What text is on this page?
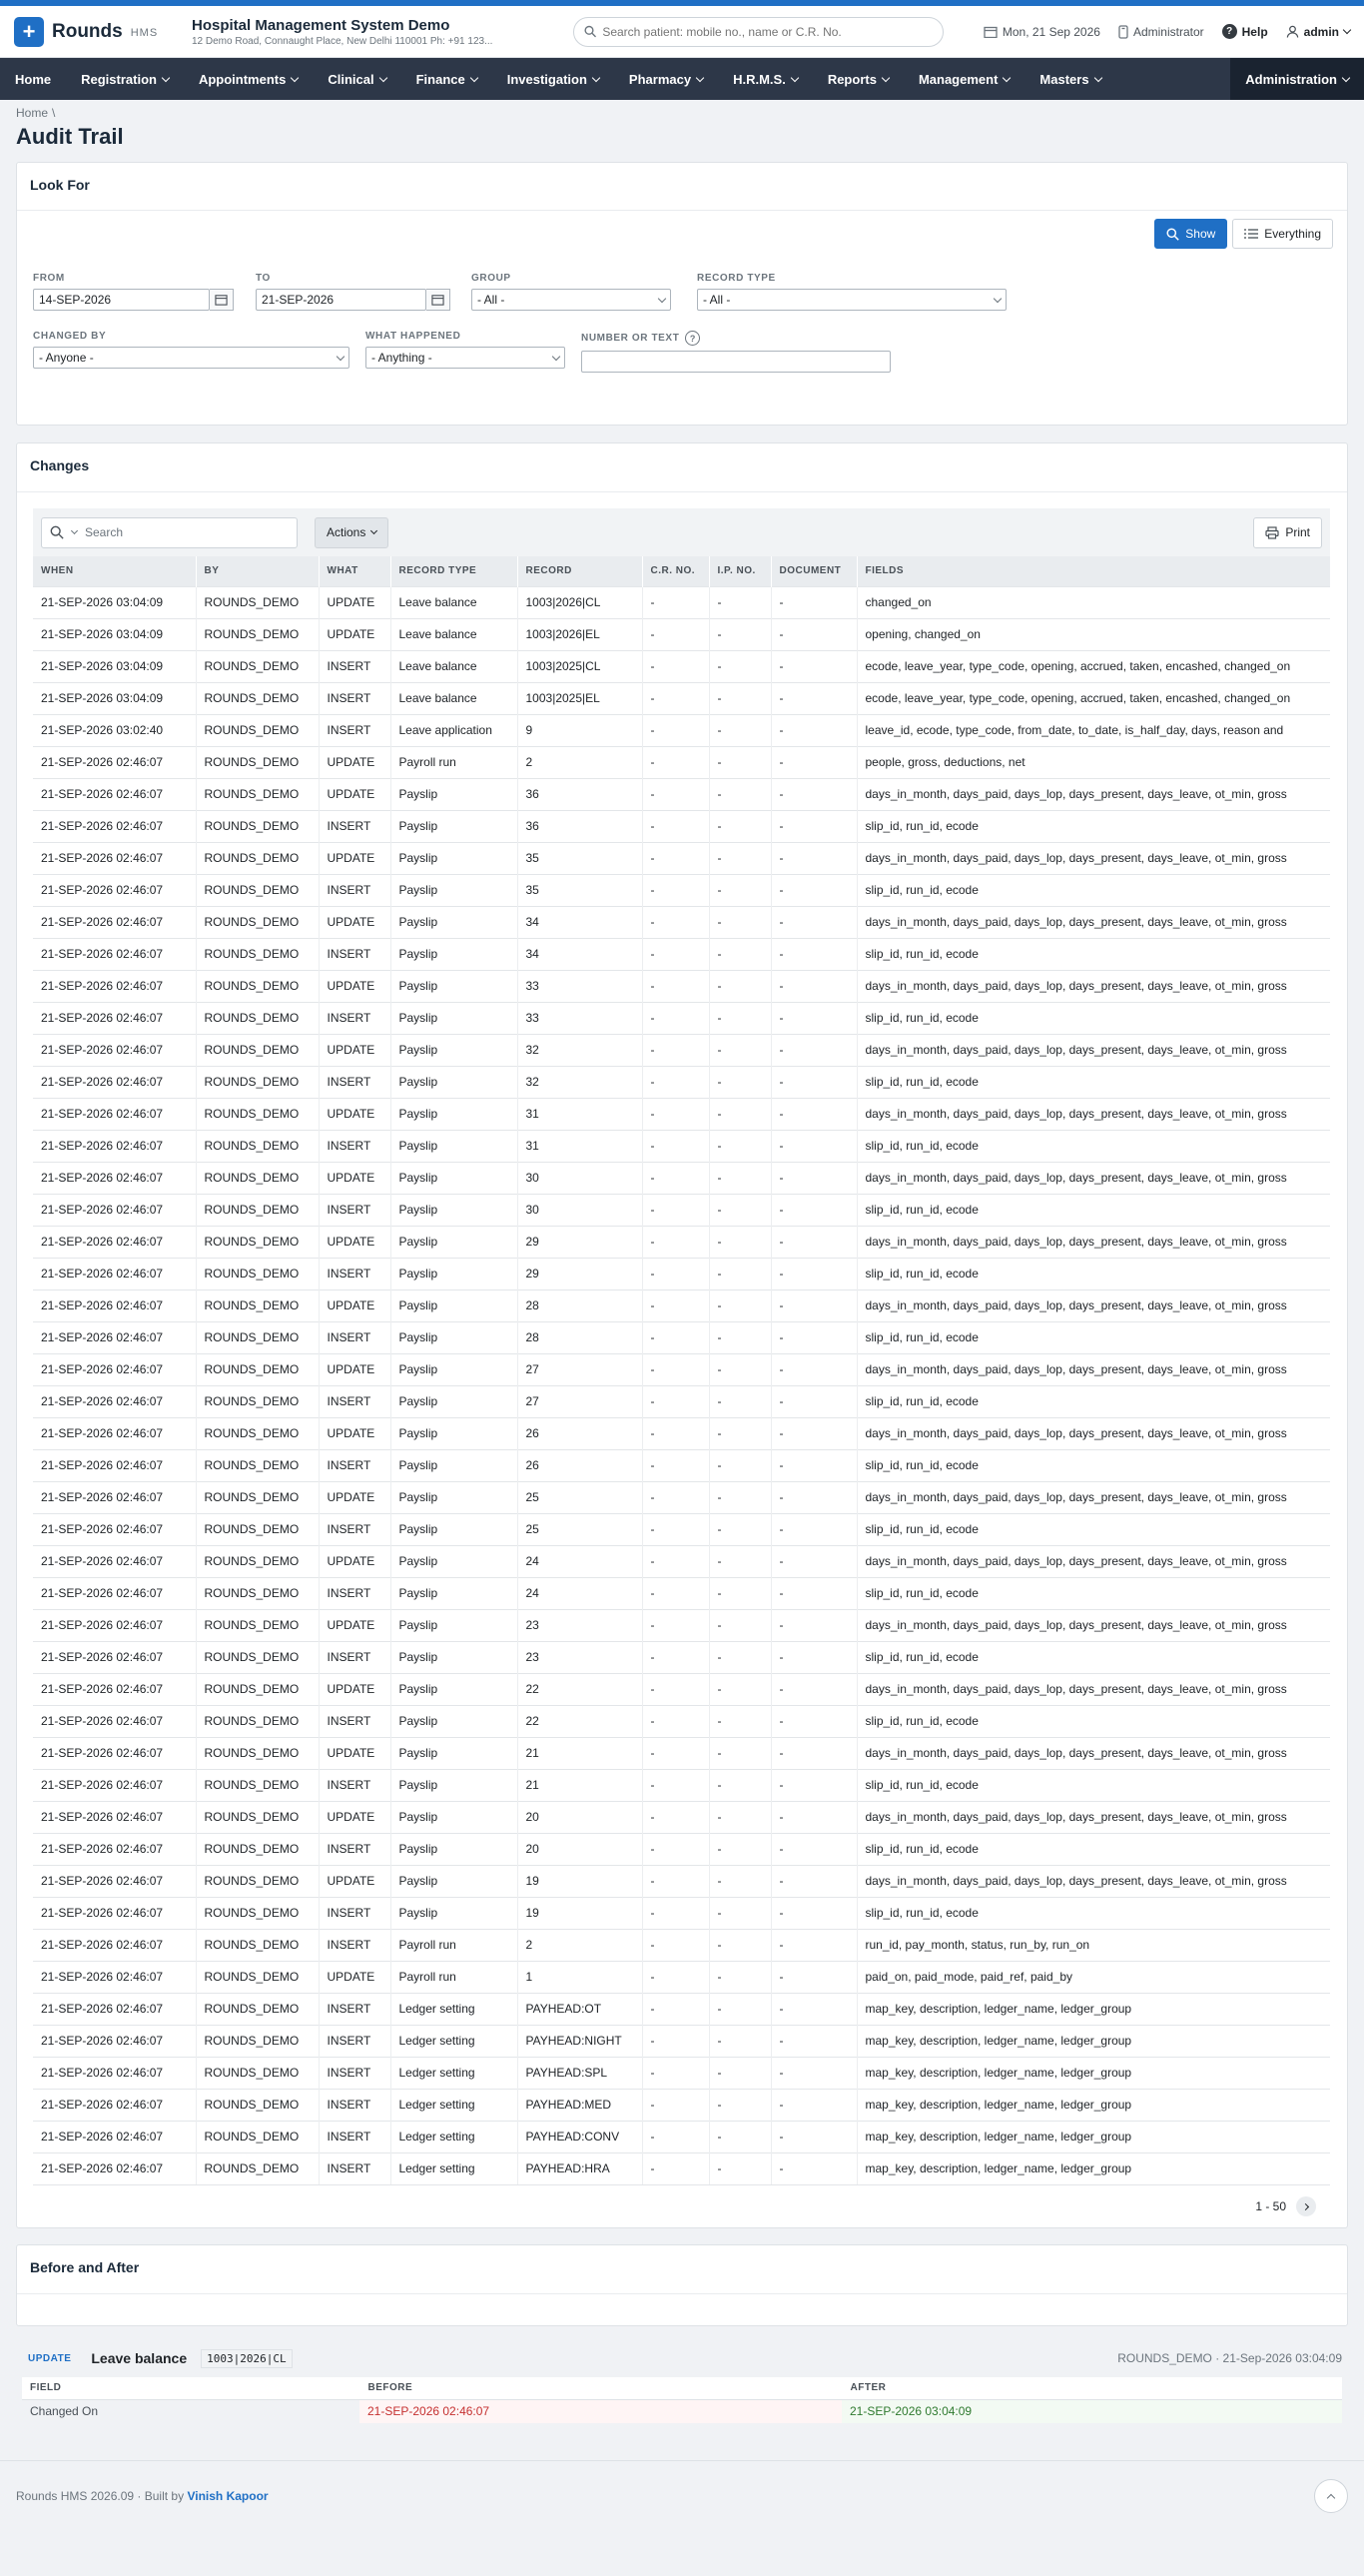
+ Rounds HMS Hospital Management System Demo
12 Demo Road, Connaught Place, New Delhi 110001 Ph: +91 123...
Search patient: mobile no., name or C.R. No.
Mon, 21 Sep 2026	Administrator	? Help	admin
Home Registration	Appointments	Clinical	Finance	Investigation	Pharmacy	H.R.M.S.	Reports	Management	Masters	Administration
Home \
Audit Trail
Look For
Show	Everything
FROM
14-SEP-2026
TO
21-SEP-2026
GROUP
- All -
RECORD TYPE
- All -
CHANGED BY
- Anyone -
WHAT HAPPENED
- Anything -
NUMBER OR TEXT	?
Changes
Search	Actions	Print
WHEN	BY	WHAT	RECORD TYPE	RECORD	C.R. NO.	I.P. NO.	DOCUMENT	FIELDS
21-SEP-2026 03:04:09	ROUNDS_DEMO	UPDATE	Leave balance	1003|2026|CL	-	-	-	changed_on
21-SEP-2026 03:04:09	ROUNDS_DEMO	UPDATE	Leave balance	1003|2026|EL	-	-	-	opening, changed_on
21-SEP-2026 03:04:09	ROUNDS_DEMO	INSERT	Leave balance	1003|2025|CL	-	-	-	ecode, leave_year, type_code, opening, accrued, taken, encashed, changed_on
21-SEP-2026 03:04:09	ROUNDS_DEMO	INSERT	Leave balance	1003|2025|EL	-	-	-	ecode, leave_year, type_code, opening, accrued, taken, encashed, changed_on
21-SEP-2026 03:02:40	ROUNDS_DEMO	INSERT	Leave application	9	-	-	-	leave_id, ecode, type_code, from_date, to_date, is_half_day, days, reason and
21-SEP-2026 02:46:07	ROUNDS_DEMO	UPDATE	Payroll run	2	-	-	-	people, gross, deductions, net
21-SEP-2026 02:46:07	ROUNDS_DEMO	UPDATE	Payslip	36	-	-	-	days_in_month, days_paid, days_lop, days_present, days_leave, ot_min, gross
21-SEP-2026 02:46:07	ROUNDS_DEMO	INSERT	Payslip	36	-	-	-	slip_id, run_id, ecode
21-SEP-2026 02:46:07	ROUNDS_DEMO	UPDATE	Payslip	35	-	-	-	days_in_month, days_paid, days_lop, days_present, days_leave, ot_min, gross
21-SEP-2026 02:46:07	ROUNDS_DEMO	INSERT	Payslip	35	-	-	-	slip_id, run_id, ecode
21-SEP-2026 02:46:07	ROUNDS_DEMO	UPDATE	Payslip	34	-	-	-	days_in_month, days_paid, days_lop, days_present, days_leave, ot_min, gross
21-SEP-2026 02:46:07	ROUNDS_DEMO	INSERT	Payslip	34	-	-	-	slip_id, run_id, ecode
21-SEP-2026 02:46:07	ROUNDS_DEMO	UPDATE	Payslip	33	-	-	-	days_in_month, days_paid, days_lop, days_present, days_leave, ot_min, gross
21-SEP-2026 02:46:07	ROUNDS_DEMO	INSERT	Payslip	33	-	-	-	slip_id, run_id, ecode
21-SEP-2026 02:46:07	ROUNDS_DEMO	UPDATE	Payslip	32	-	-	-	days_in_month, days_paid, days_lop, days_present, days_leave, ot_min, gross
21-SEP-2026 02:46:07	ROUNDS_DEMO	INSERT	Payslip	32	-	-	-	slip_id, run_id, ecode
21-SEP-2026 02:46:07	ROUNDS_DEMO	UPDATE	Payslip	31	-	-	-	days_in_month, days_paid, days_lop, days_present, days_leave, ot_min, gross
21-SEP-2026 02:46:07	ROUNDS_DEMO	INSERT	Payslip	31	-	-	-	slip_id, run_id, ecode
21-SEP-2026 02:46:07	ROUNDS_DEMO	UPDATE	Payslip	30	-	-	-	days_in_month, days_paid, days_lop, days_present, days_leave, ot_min, gross
21-SEP-2026 02:46:07	ROUNDS_DEMO	INSERT	Payslip	30	-	-	-	slip_id, run_id, ecode
21-SEP-2026 02:46:07	ROUNDS_DEMO	UPDATE	Payslip	29	-	-	-	days_in_month, days_paid, days_lop, days_present, days_leave, ot_min, gross
21-SEP-2026 02:46:07	ROUNDS_DEMO	INSERT	Payslip	29	-	-	-	slip_id, run_id, ecode
21-SEP-2026 02:46:07	ROUNDS_DEMO	UPDATE	Payslip	28	-	-	-	days_in_month, days_paid, days_lop, days_present, days_leave, ot_min, gross
21-SEP-2026 02:46:07	ROUNDS_DEMO	INSERT	Payslip	28	-	-	-	slip_id, run_id, ecode
21-SEP-2026 02:46:07	ROUNDS_DEMO	UPDATE	Payslip	27	-	-	-	days_in_month, days_paid, days_lop, days_present, days_leave, ot_min, gross
21-SEP-2026 02:46:07	ROUNDS_DEMO	INSERT	Payslip	27	-	-	-	slip_id, run_id, ecode
21-SEP-2026 02:46:07	ROUNDS_DEMO	UPDATE	Payslip	26	-	-	-	days_in_month, days_paid, days_lop, days_present, days_leave, ot_min, gross
21-SEP-2026 02:46:07	ROUNDS_DEMO	INSERT	Payslip	26	-	-	-	slip_id, run_id, ecode
21-SEP-2026 02:46:07	ROUNDS_DEMO	UPDATE	Payslip	25	-	-	-	days_in_month, days_paid, days_lop, days_present, days_leave, ot_min, gross
21-SEP-2026 02:46:07	ROUNDS_DEMO	INSERT	Payslip	25	-	-	-	slip_id, run_id, ecode
21-SEP-2026 02:46:07	ROUNDS_DEMO	UPDATE	Payslip	24	-	-	-	days_in_month, days_paid, days_lop, days_present, days_leave, ot_min, gross
21-SEP-2026 02:46:07	ROUNDS_DEMO	INSERT	Payslip	24	-	-	-	slip_id, run_id, ecode
21-SEP-2026 02:46:07	ROUNDS_DEMO	UPDATE	Payslip	23	-	-	-	days_in_month, days_paid, days_lop, days_present, days_leave, ot_min, gross
21-SEP-2026 02:46:07	ROUNDS_DEMO	INSERT	Payslip	23	-	-	-	slip_id, run_id, ecode
21-SEP-2026 02:46:07	ROUNDS_DEMO	UPDATE	Payslip	22	-	-	-	days_in_month, days_paid, days_lop, days_present, days_leave, ot_min, gross
21-SEP-2026 02:46:07	ROUNDS_DEMO	INSERT	Payslip	22	-	-	-	slip_id, run_id, ecode
21-SEP-2026 02:46:07	ROUNDS_DEMO	UPDATE	Payslip	21	-	-	-	days_in_month, days_paid, days_lop, days_present, days_leave, ot_min, gross
21-SEP-2026 02:46:07	ROUNDS_DEMO	INSERT	Payslip	21	-	-	-	slip_id, run_id, ecode
21-SEP-2026 02:46:07	ROUNDS_DEMO	UPDATE	Payslip	20	-	-	-	days_in_month, days_paid, days_lop, days_present, days_leave, ot_min, gross
21-SEP-2026 02:46:07	ROUNDS_DEMO	INSERT	Payslip	20	-	-	-	slip_id, run_id, ecode
21-SEP-2026 02:46:07	ROUNDS_DEMO	UPDATE	Payslip	19	-	-	-	days_in_month, days_paid, days_lop, days_present, days_leave, ot_min, gross
21-SEP-2026 02:46:07	ROUNDS_DEMO	INSERT	Payslip	19	-	-	-	slip_id, run_id, ecode
21-SEP-2026 02:46:07	ROUNDS_DEMO	INSERT	Payroll run	2	-	-	-	run_id, pay_month, status, run_by, run_on
21-SEP-2026 02:46:07	ROUNDS_DEMO	UPDATE	Payroll run	1	-	-	-	paid_on, paid_mode, paid_ref, paid_by
21-SEP-2026 02:46:07	ROUNDS_DEMO	INSERT	Ledger setting	PAYHEAD:OT	-	-	-	map_key, description, ledger_name, ledger_group
21-SEP-2026 02:46:07	ROUNDS_DEMO	INSERT	Ledger setting	PAYHEAD:NIGHT	-	-	-	map_key, description, ledger_name, ledger_group
21-SEP-2026 02:46:07	ROUNDS_DEMO	INSERT	Ledger setting	PAYHEAD:SPL	-	-	-	map_key, description, ledger_name, ledger_group
21-SEP-2026 02:46:07	ROUNDS_DEMO	INSERT	Ledger setting	PAYHEAD:MED	-	-	-	map_key, description, ledger_name, ledger_group
21-SEP-2026 02:46:07	ROUNDS_DEMO	INSERT	Ledger setting	PAYHEAD:CONV	-	-	-	map_key, description, ledger_name, ledger_group
21-SEP-2026 02:46:07	ROUNDS_DEMO	INSERT	Ledger setting	PAYHEAD:HRA	-	-	-	map_key, description, ledger_name, ledger_group
1 - 50
Before and After
UPDATE	Leave balance	1003|2026|CL	ROUNDS_DEMO · 21-Sep-2026 03:04:09
FIELD	BEFORE	AFTER
Changed On	21-SEP-2026 02:46:07	21-SEP-2026 03:04:09
Rounds HMS 2026.09 · Built by Vinish Kapoor
